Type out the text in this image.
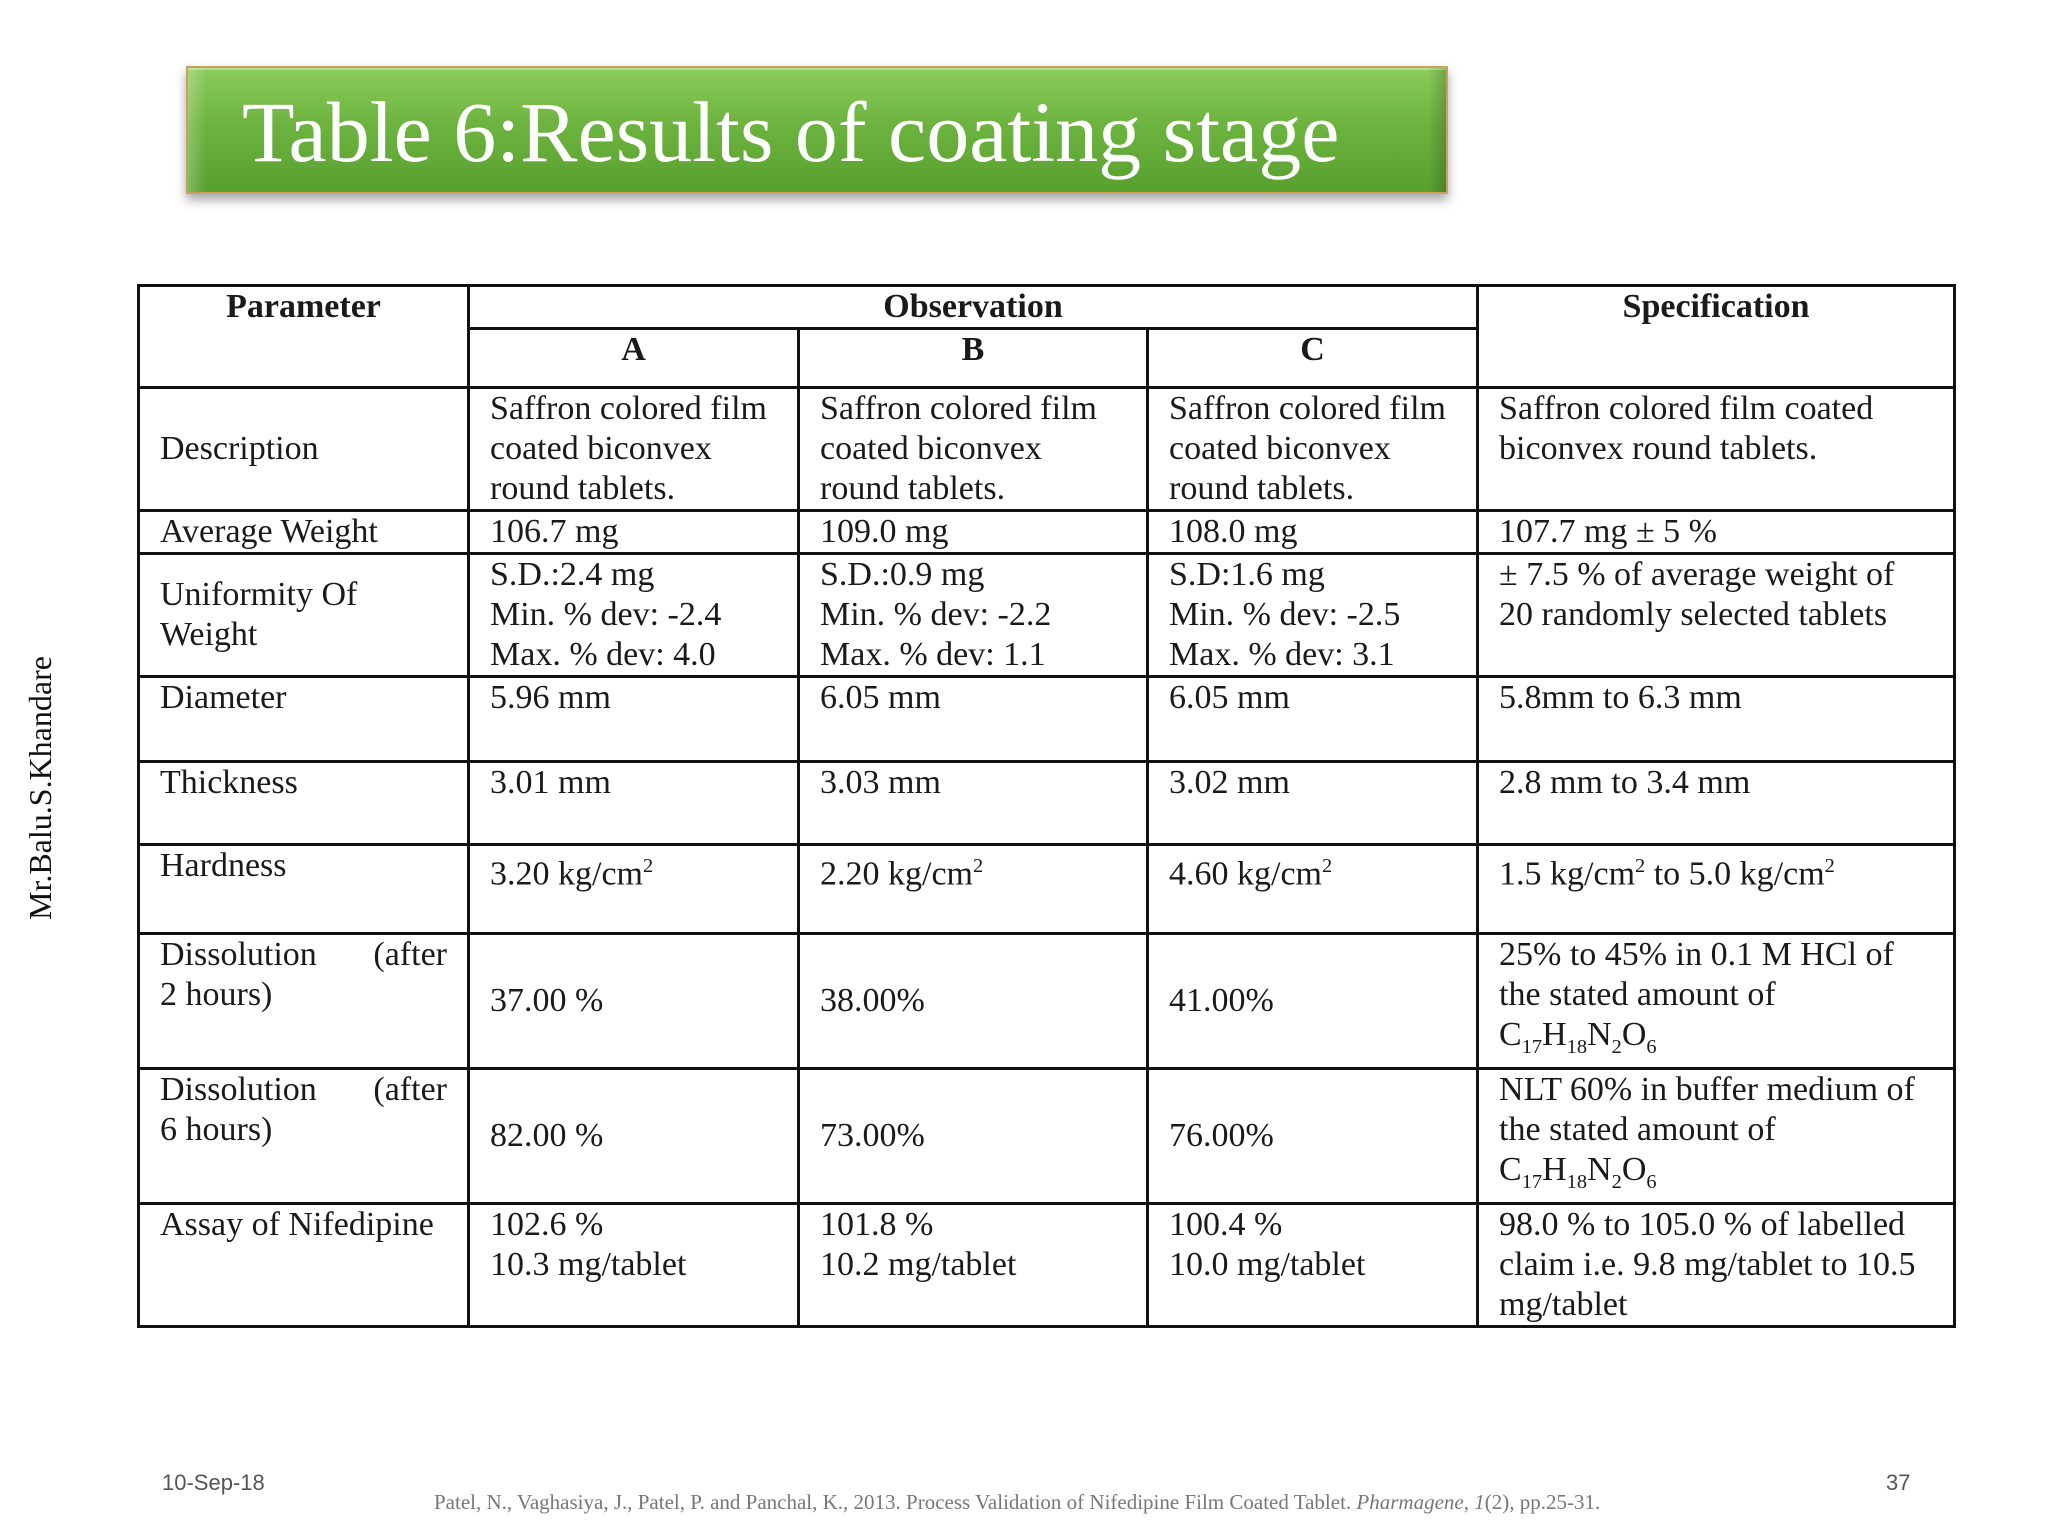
Table 6:Results of coating stage
Mr.Balu.S.Khandare
Parameter	Observation			Specification
	A	B	C	
Description	Saffron colored film
coated biconvex
round tablets.	Saffron colored film
coated biconvex
round tablets.	Saffron colored film
coated biconvex
round tablets.	Saffron colored film coated
biconvex round tablets.

Average Weight	106.7 mg	109.0 mg	108.0 mg	107.7 mg ± 5 %

Uniformity Of
Weight	S.D.:2.4 mg
Min. % dev: -2.4
Max. % dev: 4.0	S.D.:0.9 mg
Min. % dev: -2.2
Max. % dev: 1.1	S.D:1.6 mg
Min. % dev: -2.5
Max. % dev: 3.1	± 7.5 % of average weight of
20 randomly selected tablets

Diameter	5.96 mm	6.05 mm	6.05 mm	5.8mm to 6.3 mm
Thickness	3.01 mm	3.03 mm	3.02 mm	2.8 mm to 3.4 mm
Hardness	3.20 $kg/cm^2$	2.20 $kg/cm^2$	4.60 $kg/cm^2$	1.5 $kg/cm^2$ to 5.0 $kg/cm^2$

Dissolution (after
2 hours)	37.00 %	38.00%	41.00%	25% to 45% in 0.1 M HCl of
the stated amount of
$C_{17}H_{18}N_2O_6$

Dissolution (after
6 hours)	82.00 %	73.00%	76.00%	NLT 60% in buffer medium of
the stated amount of
$C_{17}H_{18}N_2O_6$

Assay of Nifedipine	102.6 %
10.3 mg/tablet	101.8 %
10.2 mg/tablet	100.4 %
10.0 mg/tablet	98.0 % to 105.0 % of labelled
claim i.e. 9.8 mg/tablet to 10.5
mg/tablet
10-Sep-18
Patel, N., Vaghasiya, J., Patel, P. and Panchal, K., 2013. Process Validation of Nifedipine Film Coated Tablet. Pharmagene, 1(2), pp.25-31.
37
